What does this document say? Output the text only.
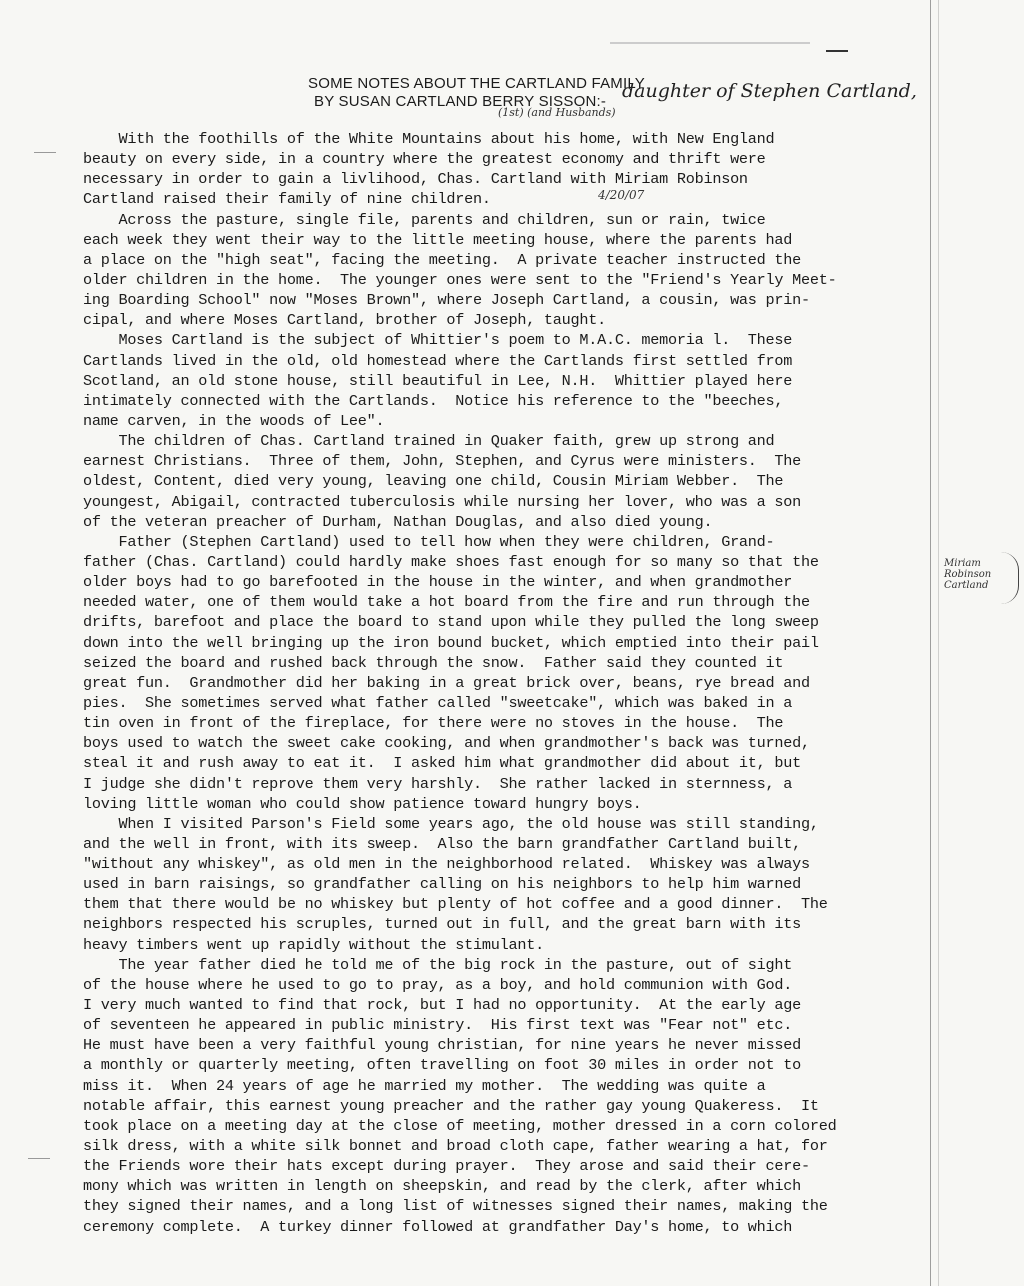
SOME NOTES ABOUT THE CARTLAND FAMILY
BY SUSAN CARTLAND BERRY SISSON:- daughter of Stephen Cartland,
(1st) (and Husbands)
With the foothills of the White Mountains about his home, with New England
beauty on every side, in a country where the greatest economy and thrift were
necessary in order to gain a livlihood, Chas. Cartland with Miriam Robinson
Cartland raised their family of nine children.
Across the pasture, single file, parents and children, sun or rain, twice
each week they went their way to the little meeting house, where the parents had
a place on the "high seat", facing the meeting.  A private teacher instructed the
older children in the home.  The younger ones were sent to the "Friend's Yearly Meet-
ing Boarding School" now "Moses Brown", where Joseph Cartland, a cousin, was prin-
cipal, and where Moses Cartland, brother of Joseph, taught.
Moses Cartland is the subject of Whittier's poem to M.A.C. memoria l.  These
Cartlands lived in the old, old homestead where the Cartlands first settled from
Scotland, an old stone house, still beautiful in Lee, N.H.  Whittier played here
intimately connected with the Cartlands.  Notice his reference to the "beeches,
name carven, in the woods of Lee".
The children of Chas. Cartland trained in Quaker faith, grew up strong and
earnest Christians.  Three of them, John, Stephen, and Cyrus were ministers.  The
oldest, Content, died very young, leaving one child, Cousin Miriam Webber.  The
youngest, Abigail, contracted tuberculosis while nursing her lover, who was a son
of the veteran preacher of Durham, Nathan Douglas, and also died young.
Father (Stephen Cartland) used to tell how when they were children, Grand-
father (Chas. Cartland) could hardly make shoes fast enough for so many so that the
older boys had to go barefooted in the house in the winter, and when grandmother
needed water, one of them would take a hot board from the fire and run through the
drifts, barefoot and place the board to stand upon while they pulled the long sweep
down into the well bringing up the iron bound bucket, which emptied into their pail
seized the board and rushed back through the snow.  Father said they counted it
great fun.  Grandmother did her baking in a great brick over, beans, rye bread and
pies.  She sometimes served what father called "sweetcake", which was baked in a
tin oven in front of the fireplace, for there were no stoves in the house.  The
boys used to watch the sweet cake cooking, and when grandmother's back was turned,
steal it and rush away to eat it.  I asked him what grandmother did about it, but
I judge she didn't reprove them very harshly.  She rather lacked in sternness, a
loving little woman who could show patience toward hungry boys.
When I visited Parson's Field some years ago, the old house was still standing,
and the well in front, with its sweep.  Also the barn grandfather Cartland built,
"without any whiskey", as old men in the neighborhood related.  Whiskey was always
used in barn raisings, so grandfather calling on his neighbors to help him warned
them that there would be no whiskey but plenty of hot coffee and a good dinner.  The
neighbors respected his scruples, turned out in full, and the great barn with its
heavy timbers went up rapidly without the stimulant.
The year father died he told me of the big rock in the pasture, out of sight
of the house where he used to go to pray, as a boy, and hold communion with God.
I very much wanted to find that rock, but I had no opportunity.  At the early age
of seventeen he appeared in public ministry.  His first text was "Fear not" etc.
He must have been a very faithful young christian, for nine years he never missed
a monthly or quarterly meeting, often travelling on foot 30 miles in order not to
miss it.  When 24 years of age he married my mother.  The wedding was quite a
notable affair, this earnest young preacher and the rather gay young Quakeress.  It
took place on a meeting day at the close of meeting, mother dressed in a corn colored
silk dress, with a white silk bonnet and broad cloth cape, father wearing a hat, for
the Friends wore their hats except during prayer.  They arose and said their cere-
mony which was written in length on sheepskin, and read by the clerk, after which
they signed their names, and a long list of witnesses signed their names, making the
ceremony complete.  A turkey dinner followed at grandfather Day's home, to which
4/20/07
Miriam
Robinson
Cartland
